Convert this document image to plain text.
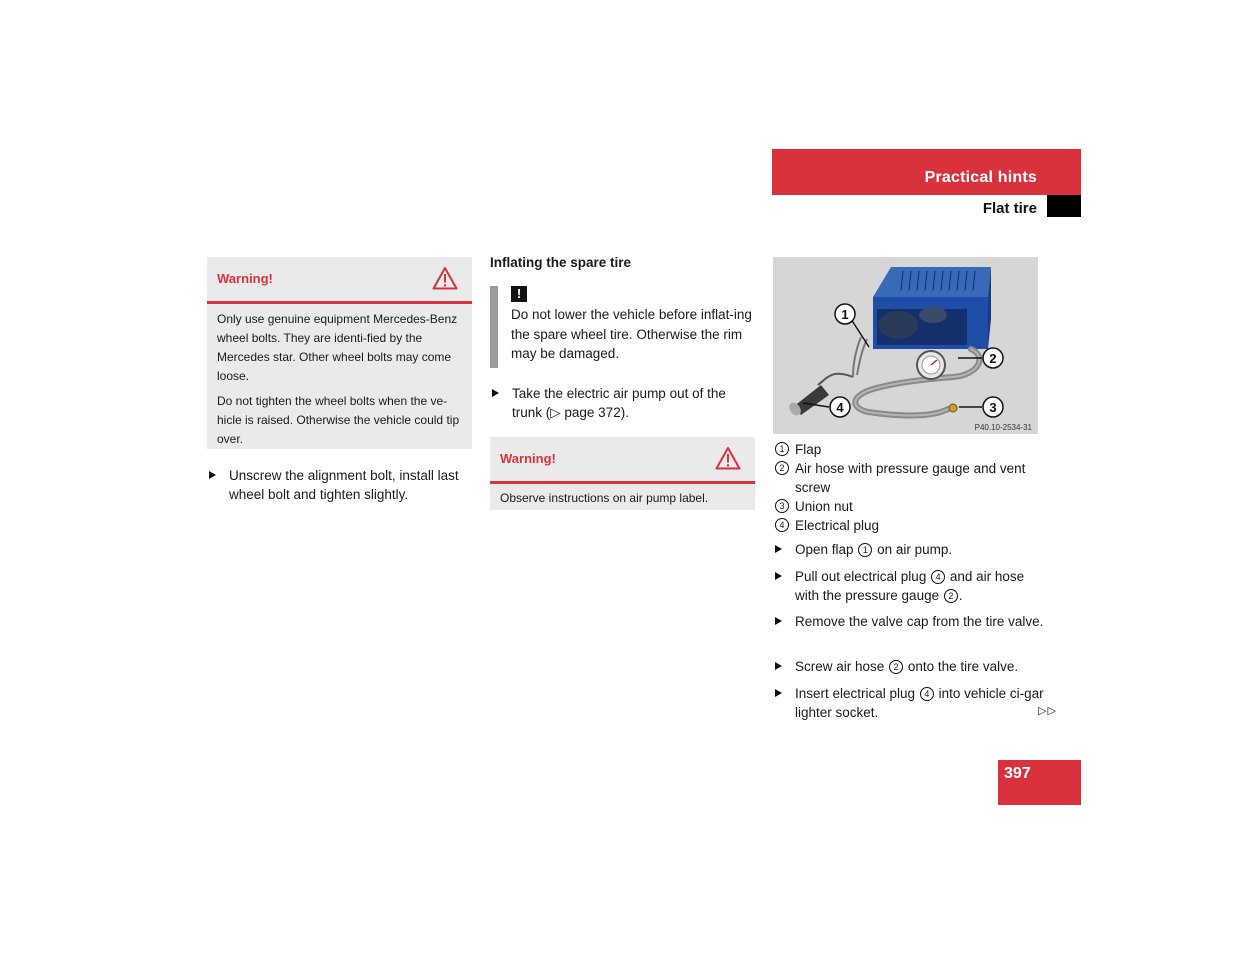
Practical hints
Flat tire
Warning!

Only use genuine equipment Mercedes-Benz wheel bolts. They are identi-fied by the Mercedes star. Other wheel bolts may come loose.

Do not tighten the wheel bolts when the ve-hicle is raised. Otherwise the vehicle could tip over.

Unscrew the alignment bolt, install last wheel bolt and tighten slightly.
Inflating the spare tire
!
Do not lower the vehicle before inflat-ing the spare wheel tire. Otherwise the rim may be damaged.
Take the electric air pump out of the trunk (▷ page 372).
Warning!

Observe instructions on air pump label.

1
2
3
4
P40.10-2534-31
1 Flap
2 Air hose with pressure gauge and vent screw
3 Union nut
4 Electrical plug
Open flap 1 on air pump.
Pull out electrical plug 4 and air hose with the pressure gauge 2 .
Remove the valve cap from the tire valve.
Screw air hose 2 onto the tire valve.
Insert electrical plug 4 into vehicle ci-gar lighter socket.	▷▷
397
